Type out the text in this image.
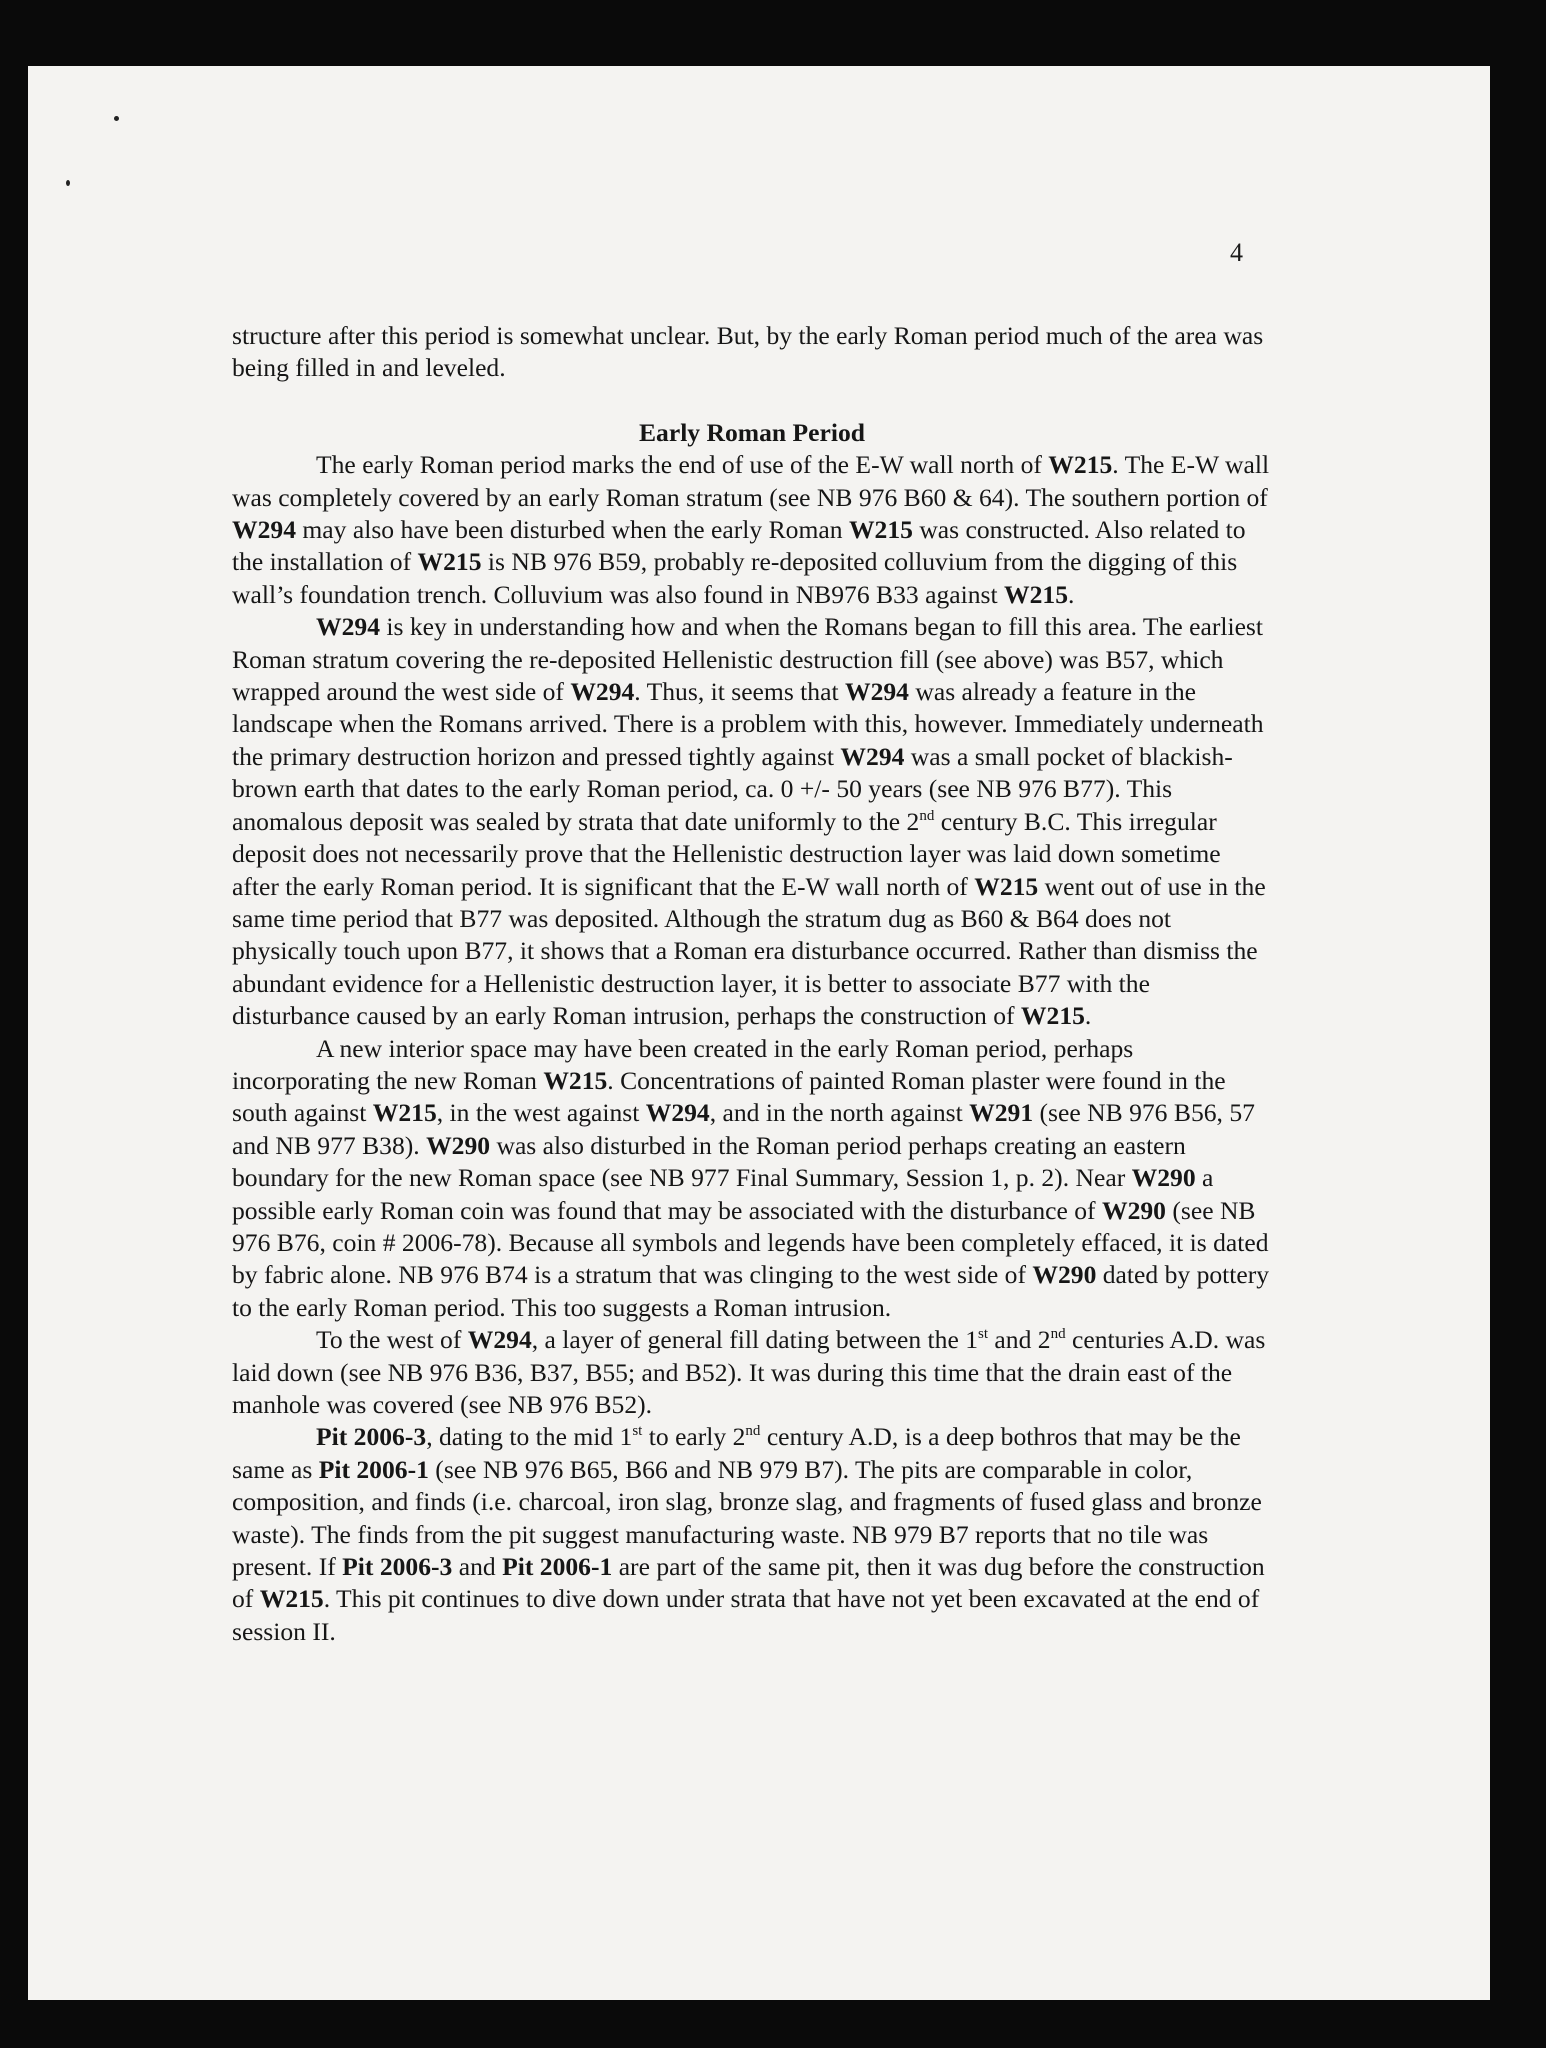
4

structure after this period is somewhat unclear. But, by the early Roman period much of the area was being filled in and leveled.

Early Roman Period

The early Roman period marks the end of use of the E-W wall north of W215. The E-W wall was completely covered by an early Roman stratum (see NB 976 B60 & 64). The southern portion of W294 may also have been disturbed when the early Roman W215 was constructed. Also related to the installation of W215 is NB 976 B59, probably re-deposited colluvium from the digging of this wall’s foundation trench. Colluvium was also found in NB976 B33 against W215.

W294 is key in understanding how and when the Romans began to fill this area. The earliest Roman stratum covering the re-deposited Hellenistic destruction fill (see above) was B57, which wrapped around the west side of W294. Thus, it seems that W294 was already a feature in the landscape when the Romans arrived. There is a problem with this, however. Immediately underneath the primary destruction horizon and pressed tightly against W294 was a small pocket of blackish-brown earth that dates to the early Roman period, ca. 0 +/- 50 years (see NB 976 B77). This anomalous deposit was sealed by strata that date uniformly to the 2nd century B.C. This irregular deposit does not necessarily prove that the Hellenistic destruction layer was laid down sometime after the early Roman period. It is significant that the E-W wall north of W215 went out of use in the same time period that B77 was deposited. Although the stratum dug as B60 & B64 does not physically touch upon B77, it shows that a Roman era disturbance occurred. Rather than dismiss the abundant evidence for a Hellenistic destruction layer, it is better to associate B77 with the disturbance caused by an early Roman intrusion, perhaps the construction of W215.

A new interior space may have been created in the early Roman period, perhaps incorporating the new Roman W215. Concentrations of painted Roman plaster were found in the south against W215, in the west against W294, and in the north against W291 (see NB 976 B56, 57 and NB 977 B38). W290 was also disturbed in the Roman period perhaps creating an eastern boundary for the new Roman space (see NB 977 Final Summary, Session 1, p. 2). Near W290 a possible early Roman coin was found that may be associated with the disturbance of W290 (see NB 976 B76, coin # 2006-78). Because all symbols and legends have been completely effaced, it is dated by fabric alone. NB 976 B74 is a stratum that was clinging to the west side of W290 dated by pottery to the early Roman period. This too suggests a Roman intrusion.

To the west of W294, a layer of general fill dating between the 1st and 2nd centuries A.D. was laid down (see NB 976 B36, B37, B55; and B52). It was during this time that the drain east of the manhole was covered (see NB 976 B52).

Pit 2006-3, dating to the mid 1st to early 2nd century A.D, is a deep bothros that may be the same as Pit 2006-1 (see NB 976 B65, B66 and NB 979 B7). The pits are comparable in color, composition, and finds (i.e. charcoal, iron slag, bronze slag, and fragments of fused glass and bronze waste). The finds from the pit suggest manufacturing waste. NB 979 B7 reports that no tile was present. If Pit 2006-3 and Pit 2006-1 are part of the same pit, then it was dug before the construction of W215. This pit continues to dive down under strata that have not yet been excavated at the end of session II.
